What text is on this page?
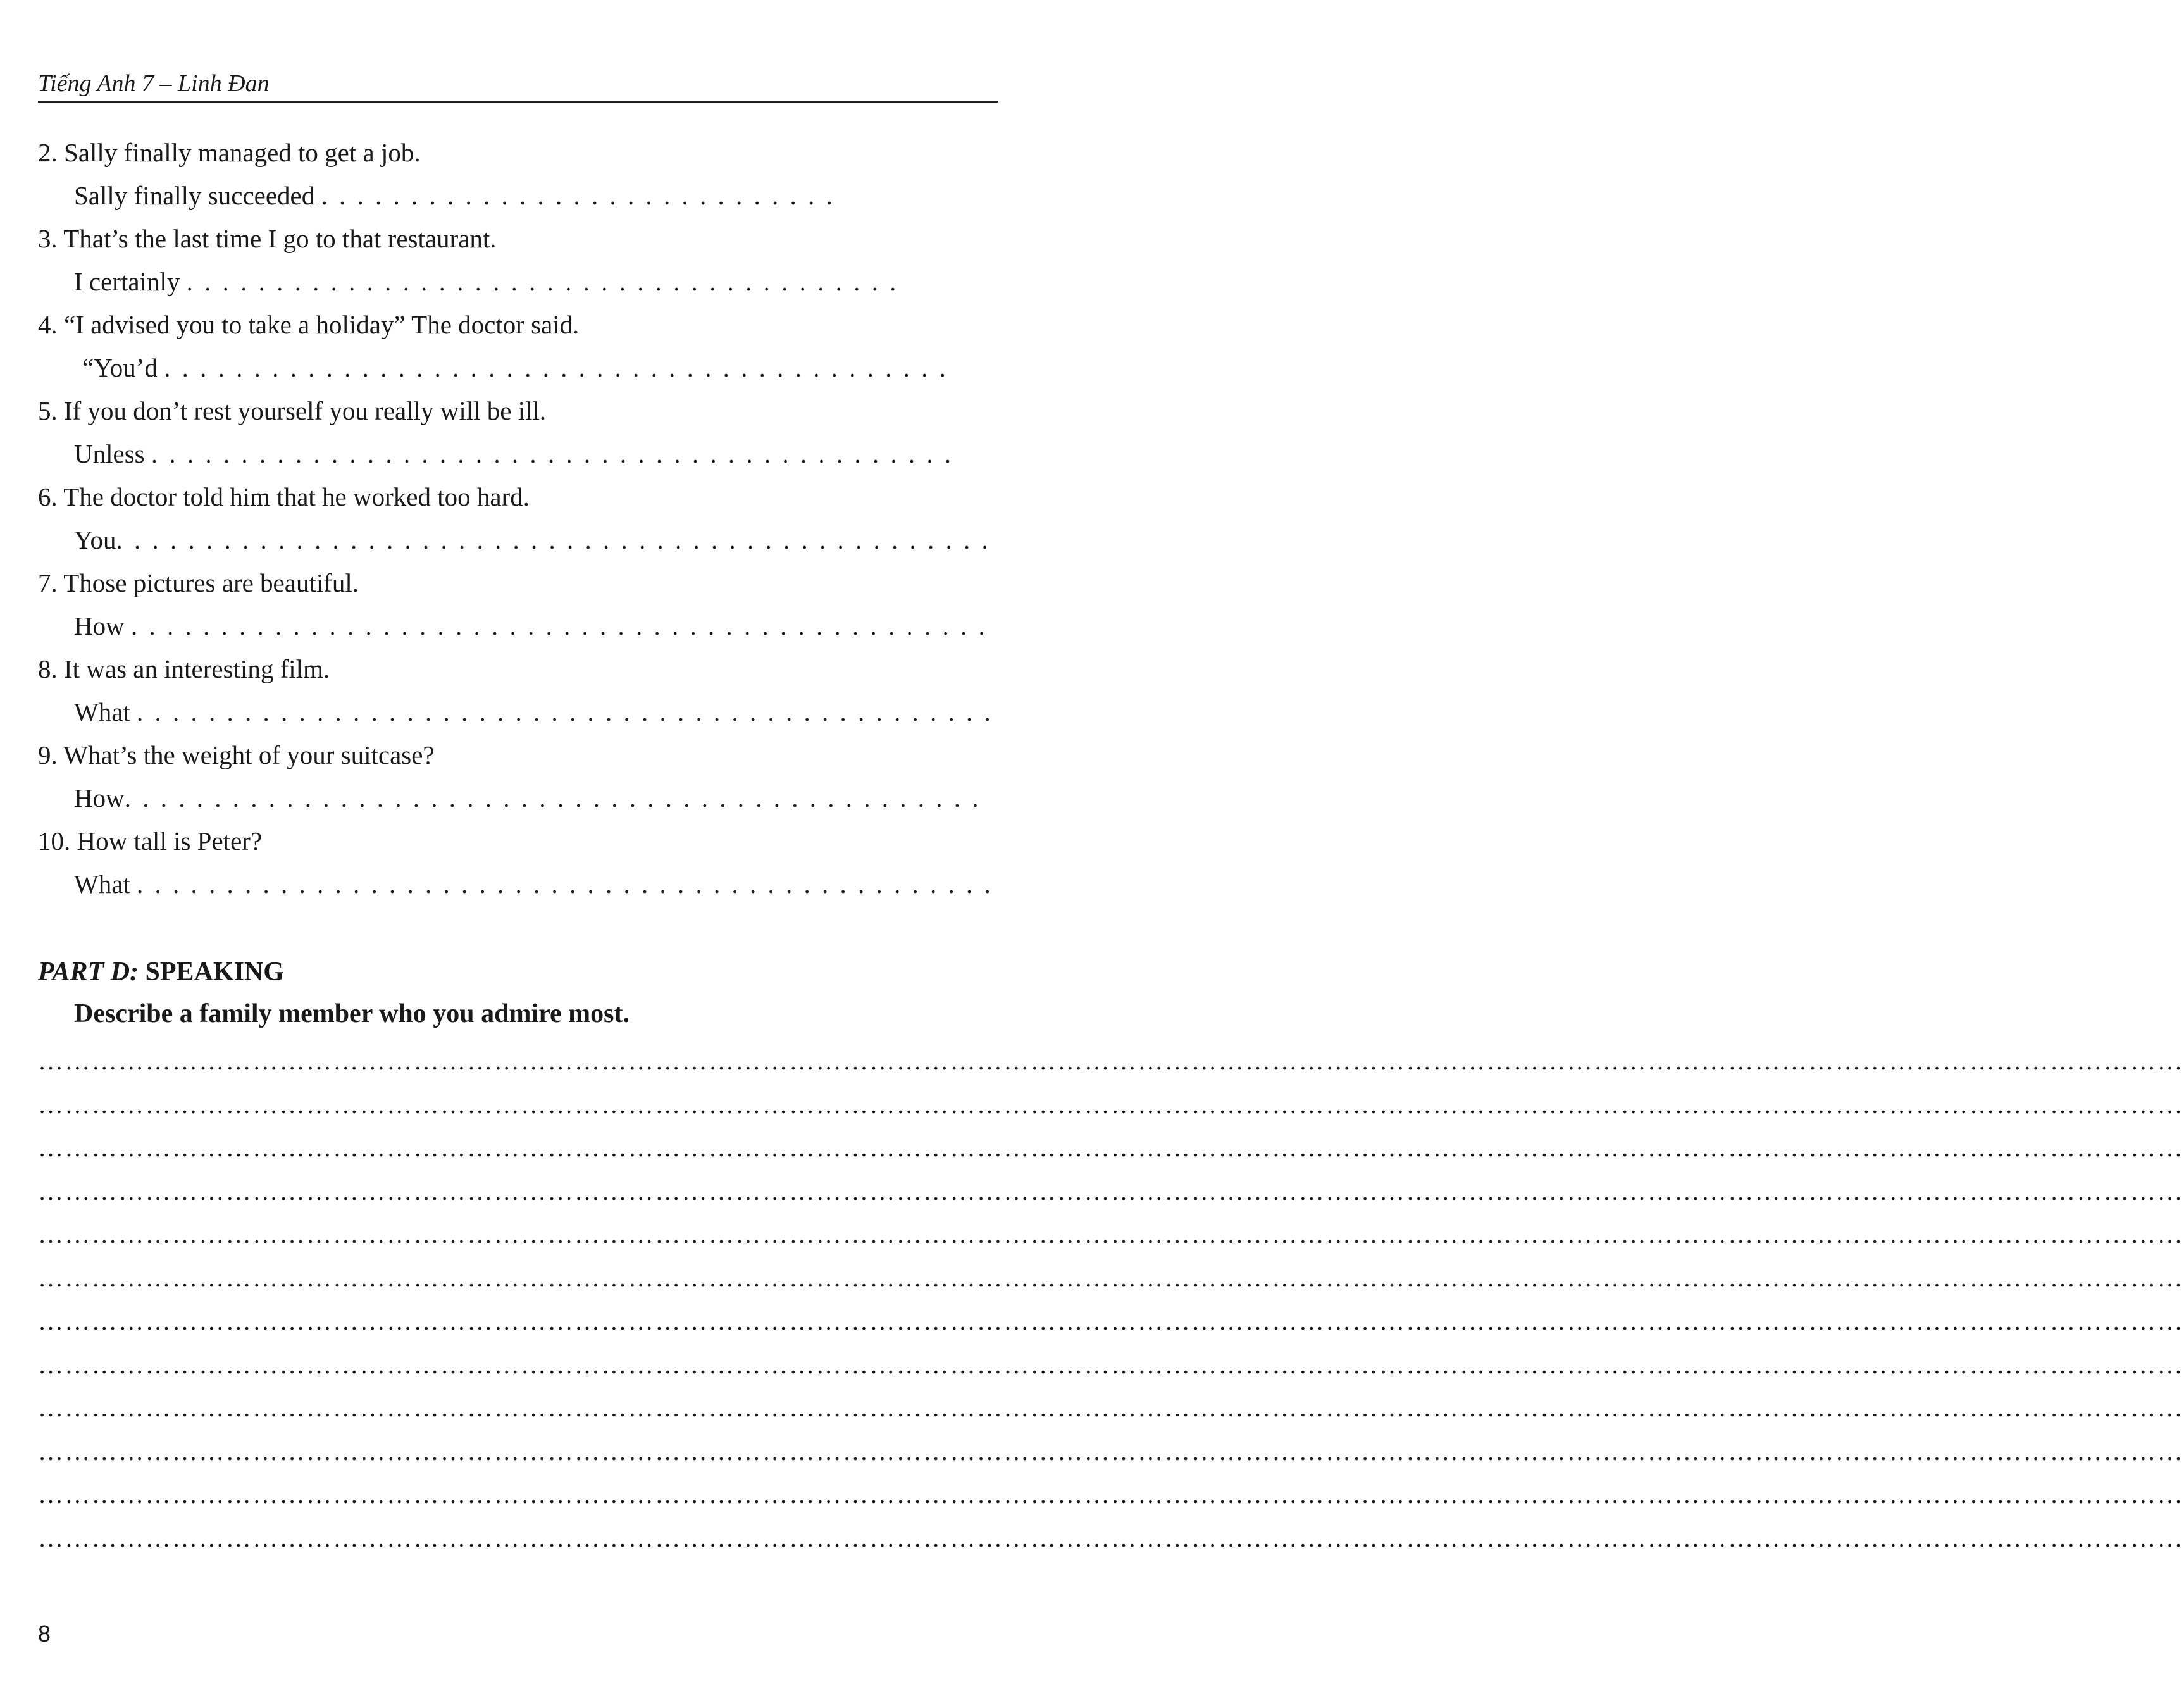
Tiếng Anh 7 – Linh Đan
2. Sally finally managed to get a job.
Sally finally succeeded . . . . . . . . . . . . . . . . . . . . . . . . . . . . .
3. That’s the last time I go to that restaurant.
I certainly . . . . . . . . . . . . . . . . . . . . . . . . . . . . . . . . . . . . . . . .
4. “I advised you to take a holiday” The doctor said.
“You’d . . . . . . . . . . . . . . . . . . . . . . . . . . . . . . . . . . . . . . . . . . . .
5. If you don’t rest yourself you really will be ill.
Unless . . . . . . . . . . . . . . . . . . . . . . . . . . . . . . . . . . . . . . . . . . . . .
6. The doctor told him that he worked too hard.
You. . . . . . . . . . . . . . . . . . . . . . . . . . . . . . . . . . . . . . . . . . . . . . . . .
7. Those pictures are beautiful.
How . . . . . . . . . . . . . . . . . . . . . . . . . . . . . . . . . . . . . . . . . . . . . . . .
8. It was an interesting film.
What . . . . . . . . . . . . . . . . . . . . . . . . . . . . . . . . . . . . . . . . . . . . . . . .
9. What’s the weight of your suitcase?
How. . . . . . . . . . . . . . . . . . . . . . . . . . . . . . . . . . . . . . . . . . . . . . . .
10. How tall is Peter?
What . . . . . . . . . . . . . . . . . . . . . . . . . . . . . . . . . . . . . . . . . . . . . . . .
PART D: SPEAKING
Describe a family member who you admire most.
……………………………………………………………………………………………………………………………………………………………………………………………………………………
……………………………………………………………………………………………………………………………………………………………………………………………………………………
……………………………………………………………………………………………………………………………………………………………………………………………………………………
……………………………………………………………………………………………………………………………………………………………………………………………………………………
……………………………………………………………………………………………………………………………………………………………………………………………………………………
……………………………………………………………………………………………………………………………………………………………………………………………………………………
……………………………………………………………………………………………………………………………………………………………………………………………………………………
……………………………………………………………………………………………………………………………………………………………………………………………………………………
……………………………………………………………………………………………………………………………………………………………………………………………………………………
……………………………………………………………………………………………………………………………………………………………………………………………………………………
……………………………………………………………………………………………………………………………………………………………………………………………………………………
……………………………………………………………………………………………………………………………………………………………………………………………………………………
8
